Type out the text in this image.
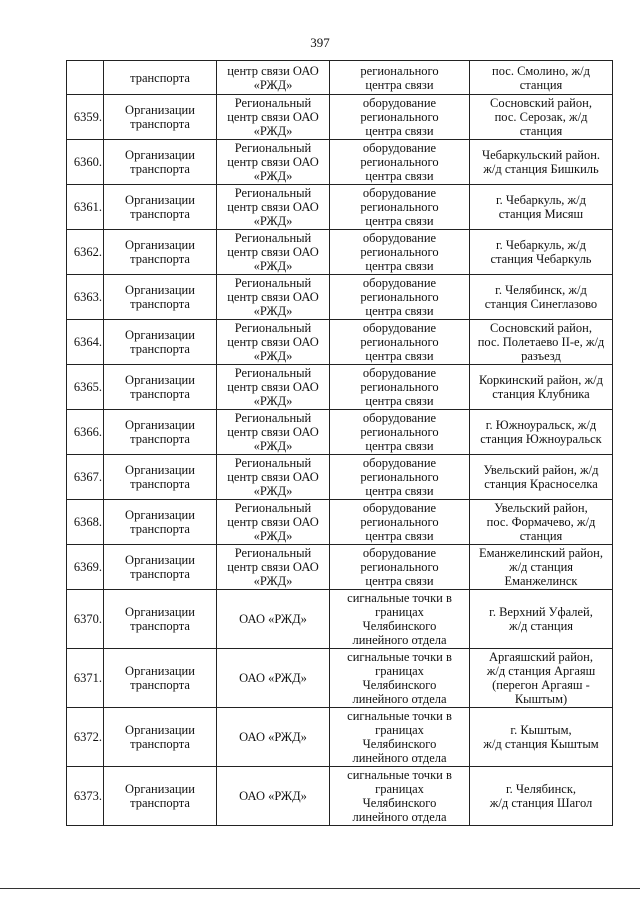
397

	транспорта	центр связи ОАО
«РЖД»	регионального
центра связи	пос. Смолино, ж/д
станция

6359.	Организации
транспорта	Региональный
центр связи ОАО
«РЖД»	оборудование
регионального
центра связи	Сосновский район,
пос. Серозак, ж/д
станция

6360.	Организации
транспорта	Региональный
центр связи ОАО
«РЖД»	оборудование
регионального
центра связи	Чебаркульский район.
ж/д станция Бишкиль

6361.	Организации
транспорта	Региональный
центр связи ОАО
«РЖД»	оборудование
регионального
центра связи	г. Чебаркуль, ж/д
станция Мисяш

6362.	Организации
транспорта	Региональный
центр связи ОАО
«РЖД»	оборудование
регионального
центра связи	г. Чебаркуль, ж/д
станция Чебаркуль

6363.	Организации
транспорта	Региональный
центр связи ОАО
«РЖД»	оборудование
регионального
центра связи	г. Челябинск, ж/д
станция Синеглазово

6364.	Организации
транспорта	Региональный
центр связи ОАО
«РЖД»	оборудование
регионального
центра связи	Сосновский район,
пос. Полетаево II-е, ж/д
разъезд

6365.	Организации
транспорта	Региональный
центр связи ОАО
«РЖД»	оборудование
регионального
центра связи	Коркинский район, ж/д
станция Клубника

6366.	Организации
транспорта	Региональный
центр связи ОАО
«РЖД»	оборудование
регионального
центра связи	г. Южноуральск, ж/д
станция Южноуральск

6367.	Организации
транспорта	Региональный
центр связи ОАО
«РЖД»	оборудование
регионального
центра связи	Увельский район, ж/д
станция Красноселка

6368.	Организации
транспорта	Региональный
центр связи ОАО
«РЖД»	оборудование
регионального
центра связи	Увельский район,
пос. Формачево, ж/д
станция

6369.	Организации
транспорта	Региональный
центр связи ОАО
«РЖД»	оборудование
регионального
центра связи	Еманжелинский район,
ж/д станция
Еманжелинск

6370.	Организации
транспорта	ОАО «РЖД»	сигнальные точки в
границах
Челябинского
линейного отдела	г. Верхний Уфалей,
ж/д станция

6371.	Организации
транспорта	ОАО «РЖД»	сигнальные точки в
границах
Челябинского
линейного отдела	Аргаяшский район,
ж/д станция Аргаяш
(перегон Аргаяш -
Кыштым)

6372.	Организации
транспорта	ОАО «РЖД»	сигнальные точки в
границах
Челябинского
линейного отдела	г. Кыштым,
ж/д станция Кыштым

6373.	Организации
транспорта	ОАО «РЖД»	сигнальные точки в
границах
Челябинского
линейного отдела	г. Челябинск,
ж/д станция Шагол
